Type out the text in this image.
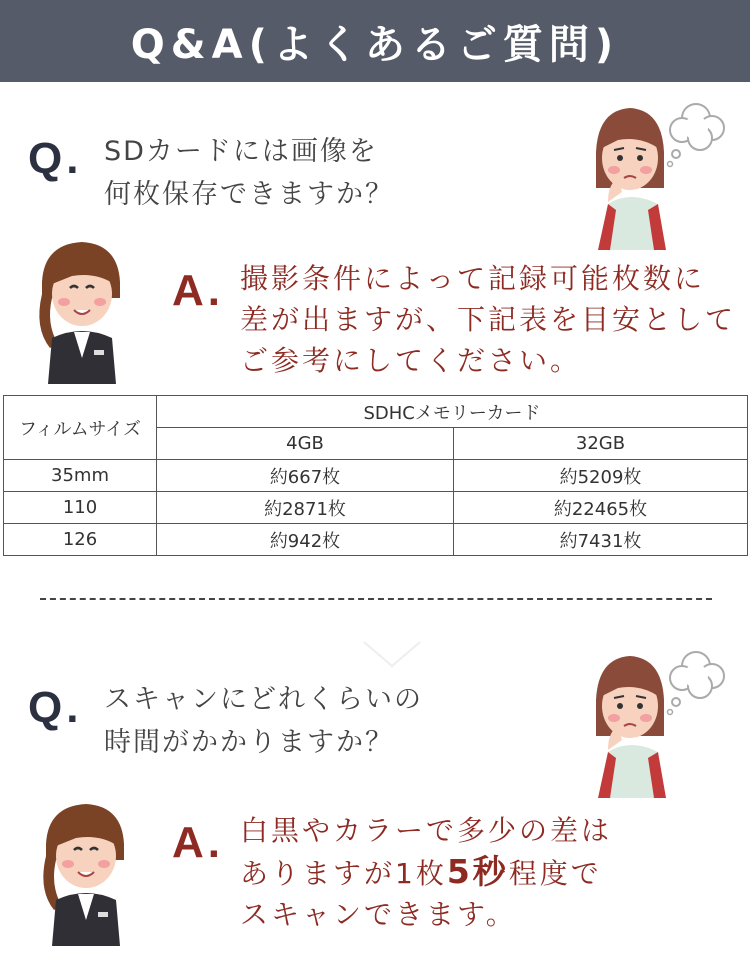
Q&A(よくあるご質問)
Q. SDカードには画像を
何枚保存できますか？
A. 撮影条件によって記録可能枚数に
差が出ますが、下記表を目安として
ご参考にしてください。
フィルムサイズ	SDHCメモリーカード	
	4GB	32GB
35mm	約667枚	約5209枚
110	約2871枚	約22465枚
126	約942枚	約7431枚
Q. スキャンにどれくらいの
時間がかかりますか？
A. 白黒やカラーで多少の差は
ありますが1枚5秒程度で
スキャンできます。
